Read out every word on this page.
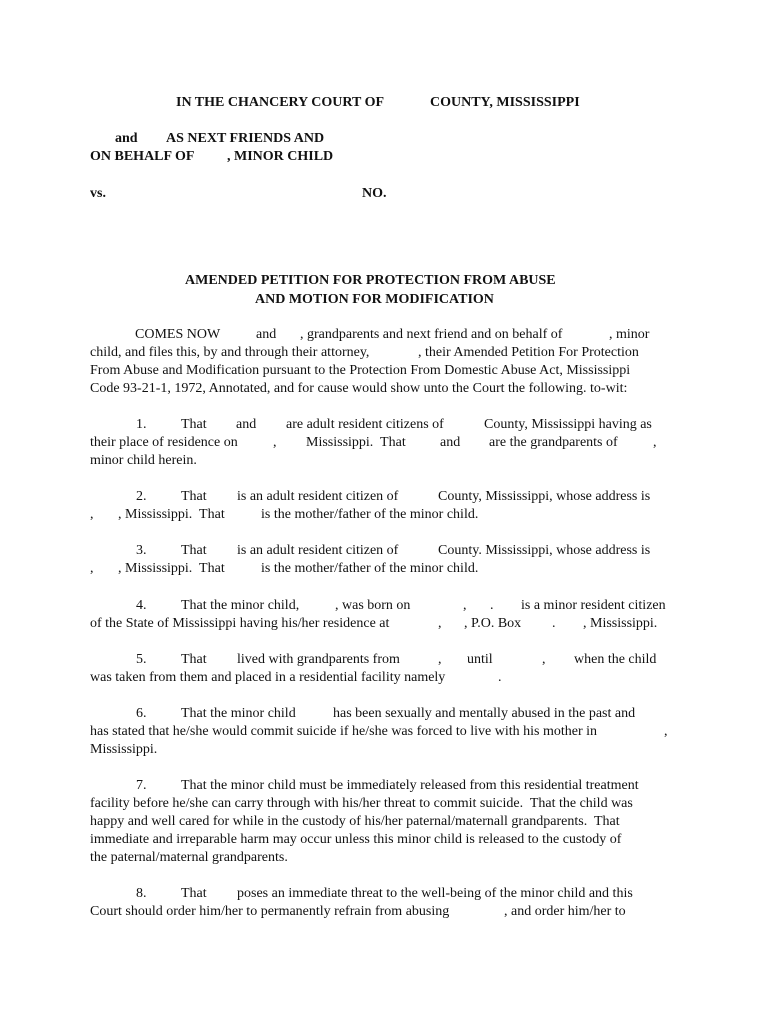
IN THE CHANCERY COURT OF	COUNTY, MISSISSIPPI
and AS NEXT FRIENDS AND
ON BEHALF OF , MINOR CHILD
vs.	NO.
AMENDED PETITION FOR PROTECTION FROM ABUSE
AND MOTION FOR MODIFICATION
COMES NOW	and , grandparents and next friend and on behalf of	, minor
child, and files this, by and through their attorney,	, their Amended Petition For Protection
From Abuse and Modification pursuant to the Protection From Domestic Abuse Act, Mississippi
Code 93-21-1, 1972, Annotated, and for cause would show unto the Court the following. to-wit:
1. That and are adult resident citizens of	County, Mississippi having as
their place of residence on	, Mississippi.  That and are the grandparents of	,
minor child herein.
2. That is an adult resident citizen of	County, Mississippi, whose address is
, , Mississippi.  That	is the mother/father of the minor child.
3. That is an adult resident citizen of	County. Mississippi, whose address is
, , Mississippi.  That	is the mother/father of the minor child.
4. That the minor child,	, was born on	, . is a minor resident citizen
of the State of Mississippi having his/her residence at	, , P.O. Box . , Mississippi.
5. That lived with grandparents from	, until	, when the child
was taken from them and placed in a residential facility namely	.
6. That the minor child	has been sexually and mentally abused in the past and
has stated that he/she would commit suicide if he/she was forced to live with his mother in	,
Mississippi.
7. That the minor child must be immediately released from this residential treatment
facility before he/she can carry through with his/her threat to commit suicide.  That the child was
happy and well cared for while in the custody of his/her paternal/maternall grandparents.  That
immediate and irreparable harm may occur unless this minor child is released to the custody of
the paternal/maternal grandparents.
8. That poses an immediate threat to the well-being of the minor child and this
Court should order him/her to permanently refrain from abusing	, and order him/her to
